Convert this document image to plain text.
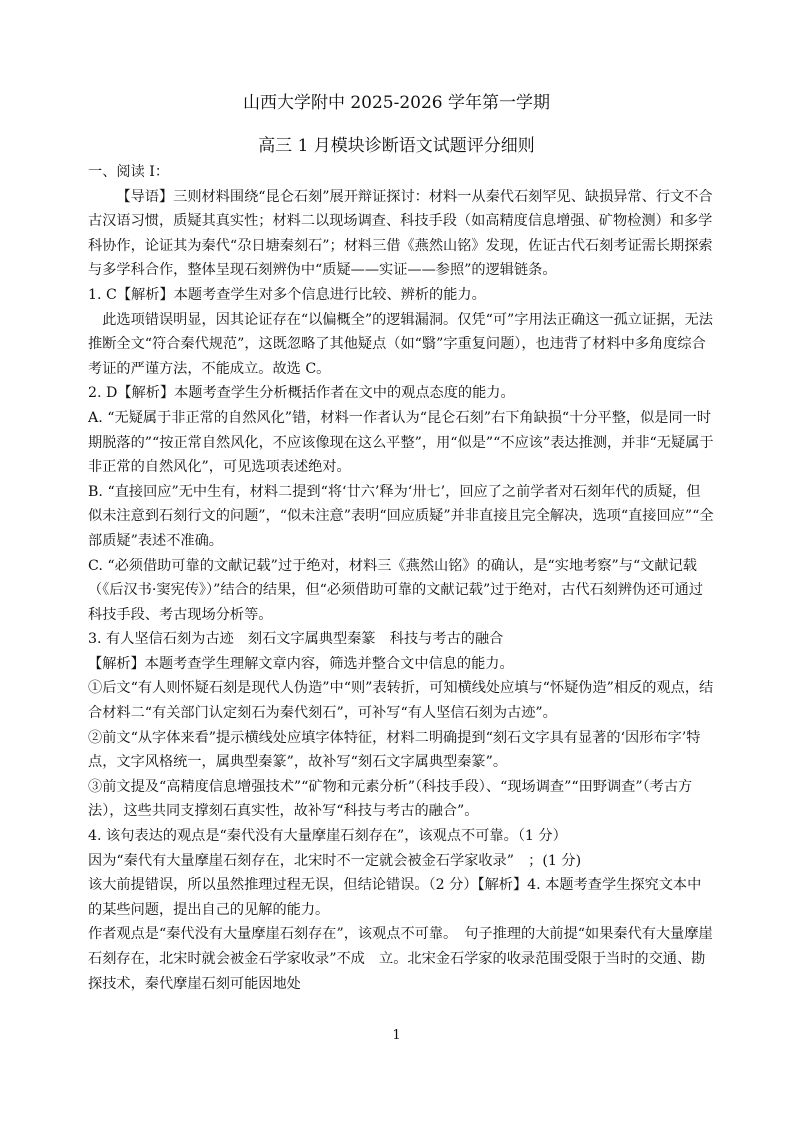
山西大学附中 2025-2026 学年第一学期
高三 1 月模块诊断语文试题评分细则

一、阅读 I：

【导语】三则材料围绕“昆仑石刻”展开辩证探讨：材料一从秦代石刻罕见、缺损异常、行文不合古汉语习惯，质疑其真实性；材料二以现场调查、科技手段（如高精度信息增强、矿物检测）和多学科协作，论证其为秦代“尕日塘秦刻石”；材料三借《燕然山铭》发现，佐证古代石刻考证需长期探索与多学科合作，整体呈现石刻辨伪中“质疑——实证——参照”的逻辑链条。

1. C【解析】本题考查学生对多个信息进行比较、辨析的能力。

此选项错误明显，因其论证存在“以偏概全”的逻辑漏洞。仅凭“可”字用法正确这一孤立证据，无法推断全文“符合秦代规范”，这既忽略了其他疑点（如“翳”字重复问题），也违背了材料中多角度综合考证的严谨方法，不能成立。故选 C。

2. D【解析】本题考查学生分析概括作者在文中的观点态度的能力。

A. “无疑属于非正常的自然风化”错，材料一作者认为“昆仑石刻”右下角缺损“十分平整，似是同一时期脱落的”“按正常自然风化，不应该像现在这么平整”，用“似是”“不应该”表达推测，并非“无疑属于非正常的自然风化”，可见选项表述绝对。

B. “直接回应”无中生有，材料二提到“将‘廿六’释为‘卅七’，回应了之前学者对石刻年代的质疑，但似未注意到石刻行文的问题”，“似未注意”表明“回应质疑”并非直接且完全解决，选项“直接回应”“全部质疑”表述不准确。

C. “必须借助可靠的文献记载”过于绝对，材料三《燕然山铭》的确认，是“实地考察”与“文献记载（《后汉书·窦宪传》）”结合的结果，但“必须借助可靠的文献记载”过于绝对，古代石刻辨伪还可通过科技手段、考古现场分析等。

3. 有人坚信石刻为古迹　刻石文字属典型秦篆　科技与考古的融合

【解析】本题考查学生理解文章内容，筛选并整合文中信息的能力。

①后文“有人则怀疑石刻是现代人伪造”中“则”表转折，可知横线处应填与“怀疑伪造”相反的观点，结合材料二“有关部门认定刻石为秦代刻石”，可补写“有人坚信石刻为古迹”。

②前文“从字体来看”提示横线处应填字体特征，材料二明确提到“刻石文字具有显著的‘因形布字’特点，文字风格统一，属典型秦篆”，故补写“刻石文字属典型秦篆”。

③前文提及“高精度信息增强技术”“矿物和元素分析”（科技手段）、“现场调查”“田野调查”（考古方法），这些共同支撑刻石真实性，故补写“科技与考古的融合”。

4. 该句表达的观点是“秦代没有大量摩崖石刻存在”，该观点不可靠。（1 分）

因为“秦代有大量摩崖石刻存在，北宋时不一定就会被金石学家收录”　；(1 分)

该大前提错误，所以虽然推理过程无误，但结论错误。（2 分）【解析】4. 本题考查学生探究文本中的某些问题，提出自己的见解的能力。

作者观点是“秦代没有大量摩崖石刻存在”，该观点不可靠。　句子推理的大前提“如果秦代有大量摩崖石刻存在，北宋时就会被金石学家收录”不成　立。北宋金石学家的收录范围受限于当时的交通、勘探技术，秦代摩崖石刻可能因地处

1
